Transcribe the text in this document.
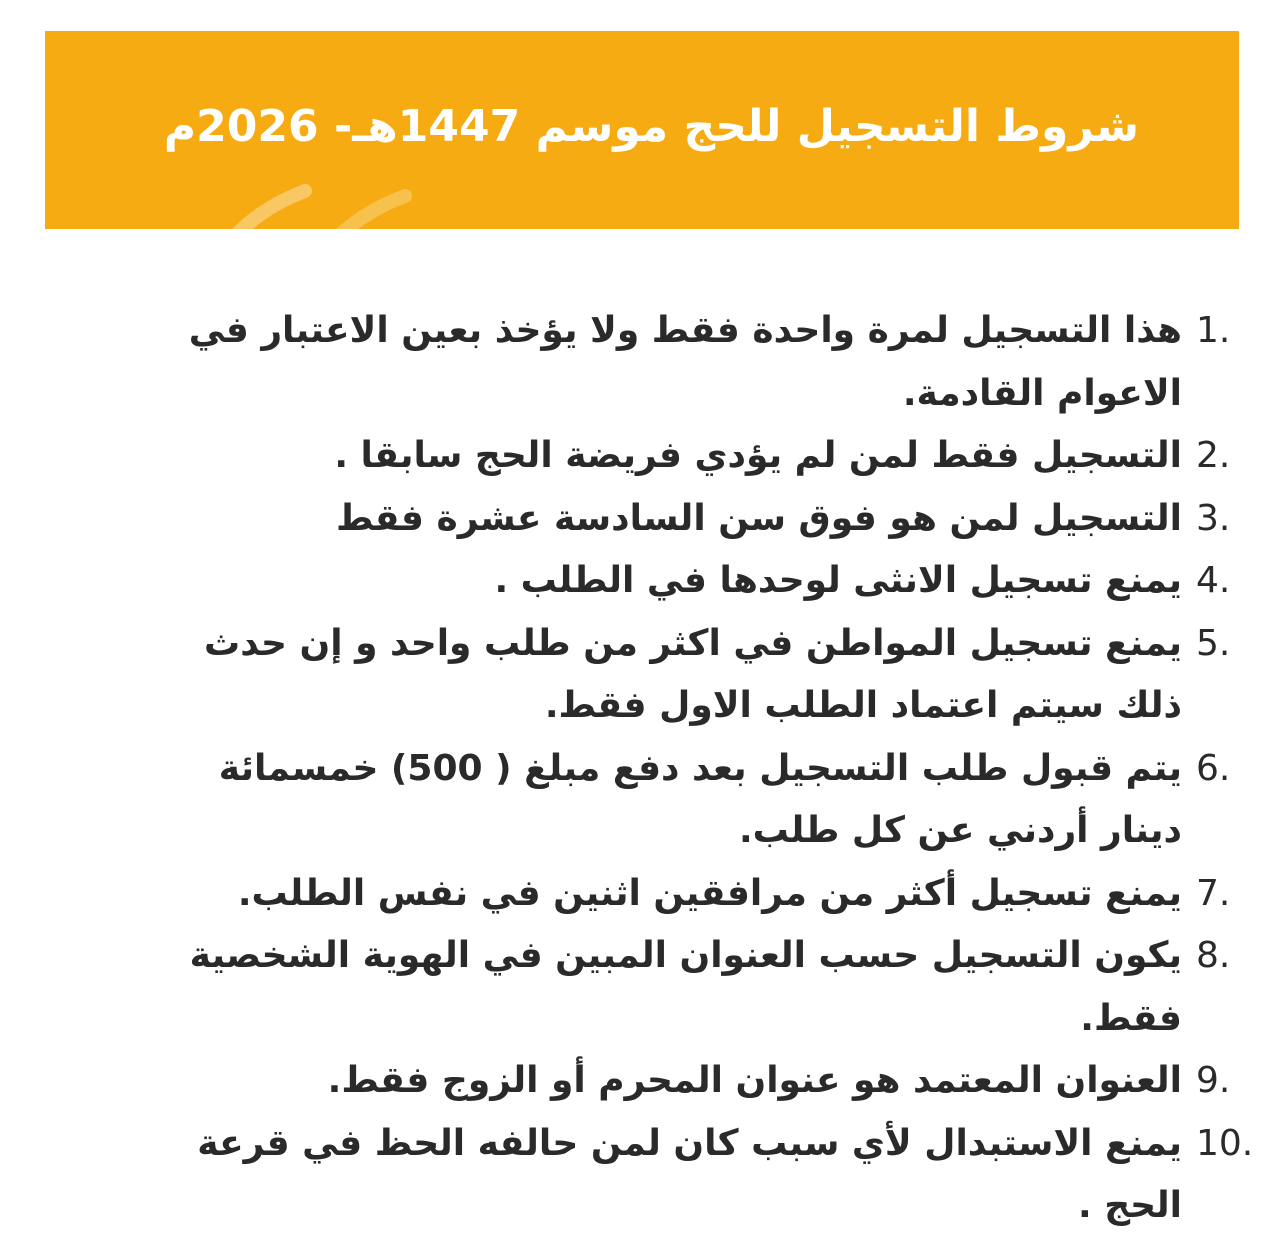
شروط التسجيل للحج موسم 1447هـ- 2026م
1.
هذا التسجيل لمرة واحدة فقط ولا يؤخذ بعين الاعتبار في الاعوام القادمة.
2.
التسجيل فقط لمن لم يؤدي فريضة الحج سابقا .
3.
التسجيل لمن هو فوق سن السادسة عشرة فقط
4.
يمنع تسجيل الانثى لوحدها في الطلب .
5.
يمنع تسجيل المواطن في اكثر من طلب واحد و إن حدث ذلك سيتم اعتماد الطلب الاول فقط.
6.
يتم قبول طلب التسجيل بعد دفع مبلغ ( 500) خمسمائة دينار أردني عن كل طلب.
7.
يمنع تسجيل أكثر من مرافقين اثنين في نفس الطلب.
8.
يكون التسجيل حسب العنوان المبين في الهوية الشخصية فقط.
9.
العنوان المعتمد هو عنوان المحرم أو الزوج فقط.
10.
يمنع الاستبدال لأي سبب كان لمن حالفه الحظ في قرعة الحج .
